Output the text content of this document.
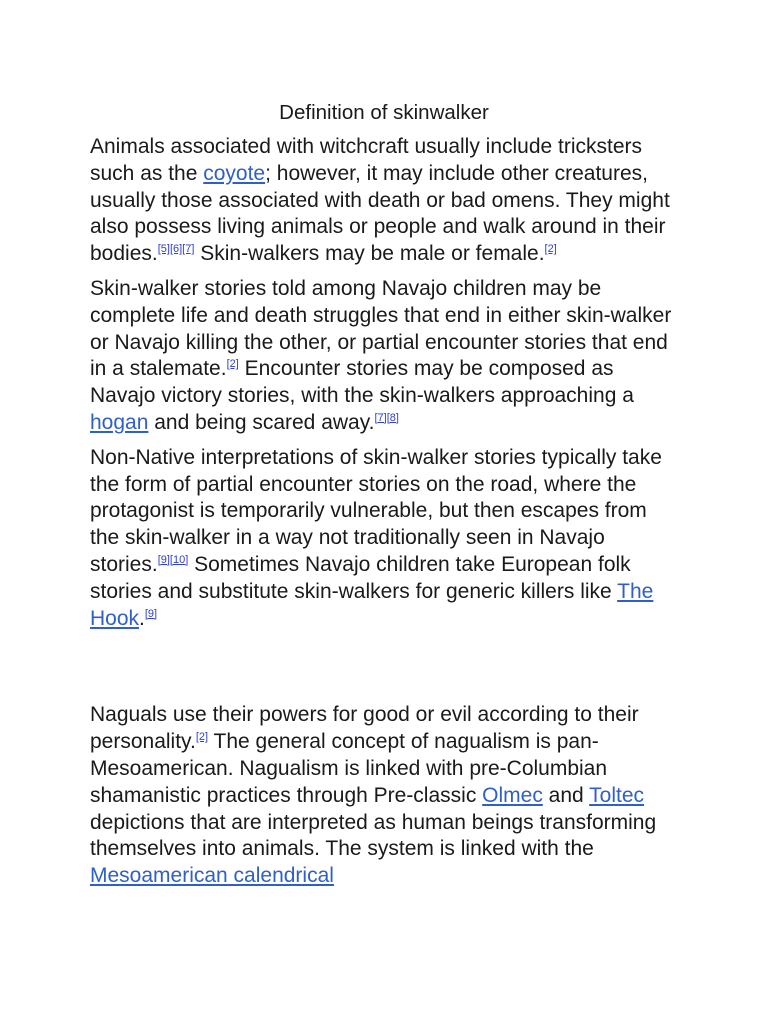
Definition of skinwalker

Animals associated with witchcraft usually include tricksters such as the coyote; however, it may include other creatures, usually those associated with death or bad omens. They might also possess living animals or people and walk around in their bodies.[5][6][7] Skin-walkers may be male or female.[2]

Skin-walker stories told among Navajo children may be complete life and death struggles that end in either skin-walker or Navajo killing the other, or partial encounter stories that end in a stalemate.[2] Encounter stories may be composed as Navajo victory stories, with the skin-walkers approaching a hogan and being scared away.[7][8]

Non-Native interpretations of skin-walker stories typically take the form of partial encounter stories on the road, where the protagonist is temporarily vulnerable, but then escapes from the skin-walker in a way not traditionally seen in Navajo stories.[9][10] Sometimes Navajo children take European folk stories and substitute skin-walkers for generic killers like The Hook.[9]

Naguals use their powers for good or evil according to their personality.[2] The general concept of nagualism is pan-Mesoamerican. Nagualism is linked with pre-Columbian shamanistic practices through Pre-classic Olmec and Toltec depictions that are interpreted as human beings transforming themselves into animals. The system is linked with the Mesoamerican calendrical
